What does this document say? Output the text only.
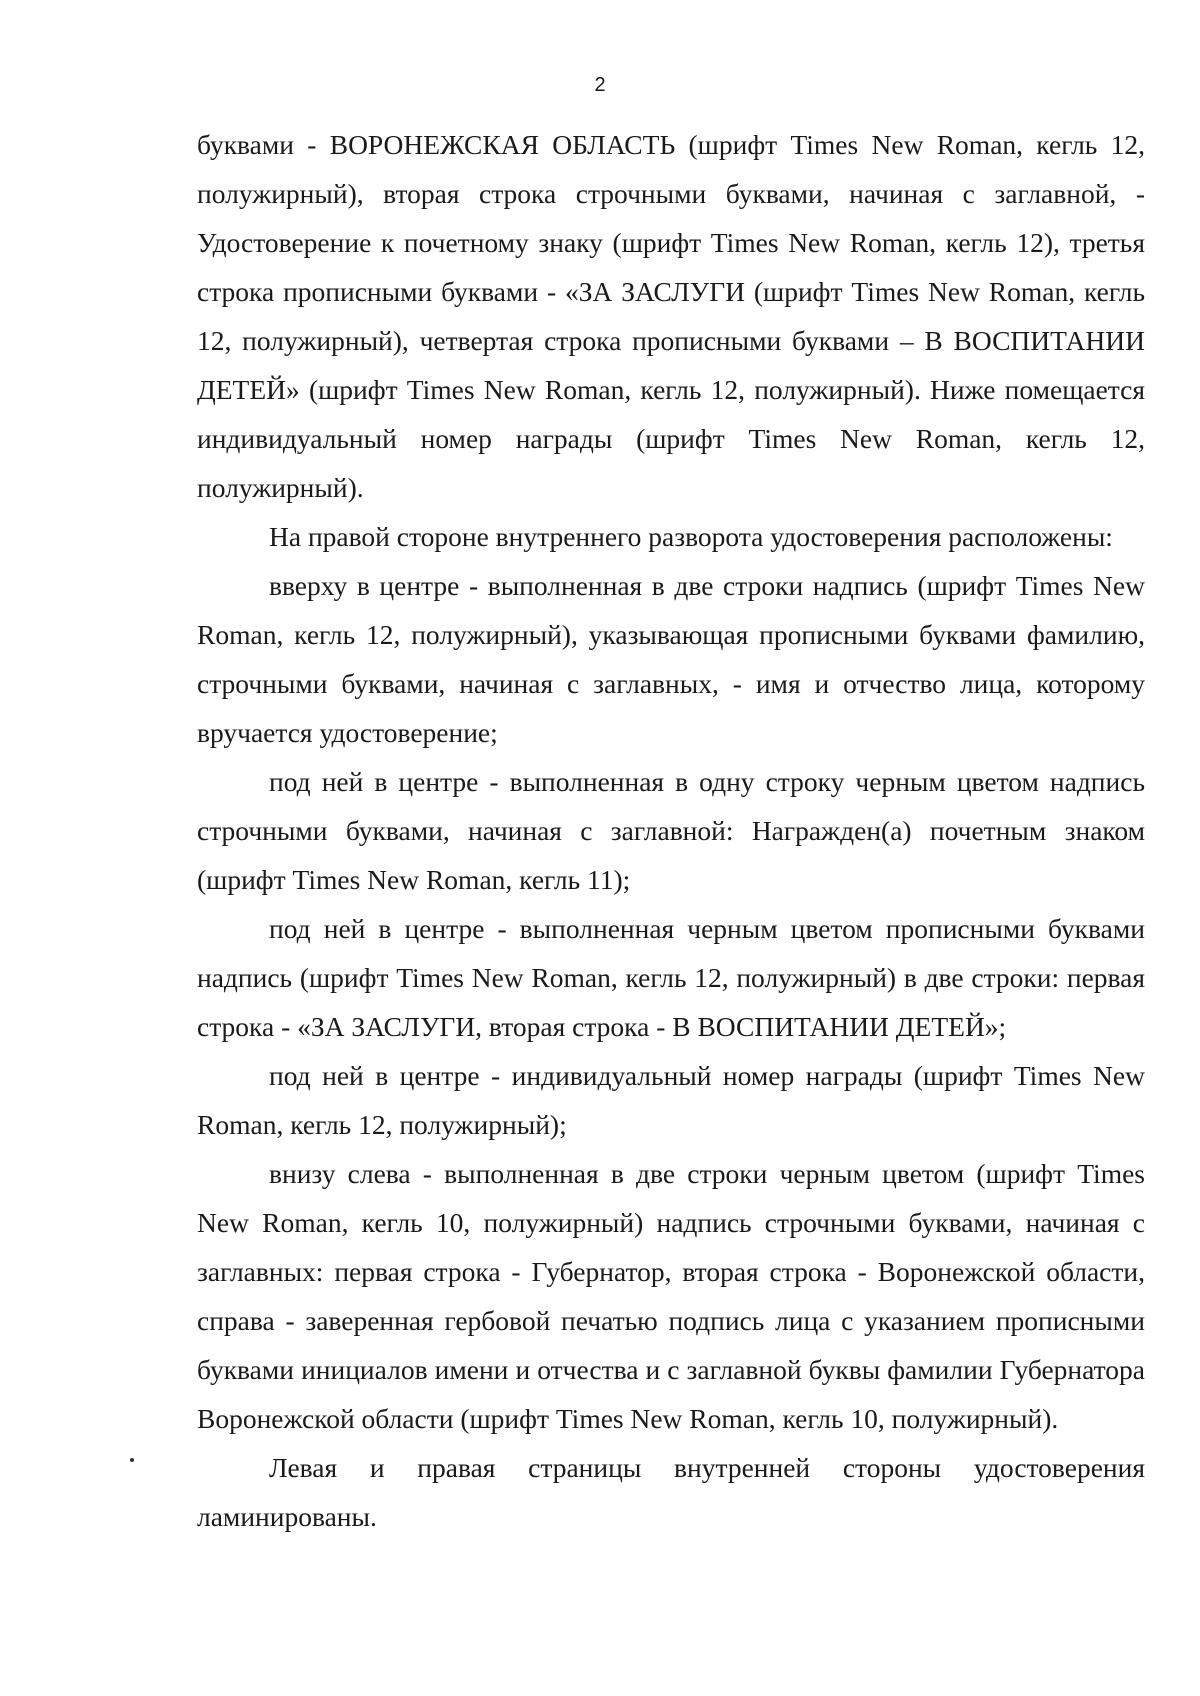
2

буквами - ВОРОНЕЖСКАЯ ОБЛАСТЬ (шрифт Times New Roman, кегль 12, полужирный), вторая строка строчными буквами, начиная с заглавной, - Удостоверение к почетному знаку (шрифт Times New Roman, кегль 12), третья строка прописными буквами - «ЗА ЗАСЛУГИ (шрифт Times New Roman, кегль 12, полужирный), четвертая строка прописными буквами – В ВОСПИТАНИИ ДЕТЕЙ» (шрифт Times New Roman, кегль 12, полужирный). Ниже помещается индивидуальный номер награды (шрифт Times New Roman, кегль 12, полужирный).

На правой стороне внутреннего разворота удостоверения расположены:

вверху в центре - выполненная в две строки надпись (шрифт Times New Roman, кегль 12, полужирный), указывающая прописными буквами фамилию, строчными буквами, начиная с заглавных, - имя и отчество лица, которому вручается удостоверение;

под ней в центре - выполненная в одну строку черным цветом надпись строчными буквами, начиная с заглавной: Награжден(а) почетным знаком (шрифт Times New Roman, кегль 11);

под ней в центре - выполненная черным цветом прописными буквами надпись (шрифт Times New Roman, кегль 12, полужирный) в две строки: первая строка - «ЗА ЗАСЛУГИ, вторая строка - В ВОСПИТАНИИ ДЕТЕЙ»;

под ней в центре - индивидуальный номер награды (шрифт Times New Roman, кегль 12, полужирный);

внизу слева - выполненная в две строки черным цветом (шрифт Times New Roman, кегль 10, полужирный) надпись строчными буквами, начиная с заглавных: первая строка - Губернатор, вторая строка - Воронежской области, справа - заверенная гербовой печатью подпись лица с указанием прописными буквами инициалов имени и отчества и с заглавной буквы фамилии Губернатора Воронежской области (шрифт Times New Roman, кегль 10, полужирный).

Левая и правая страницы внутренней стороны удостоверения ламинированы.
